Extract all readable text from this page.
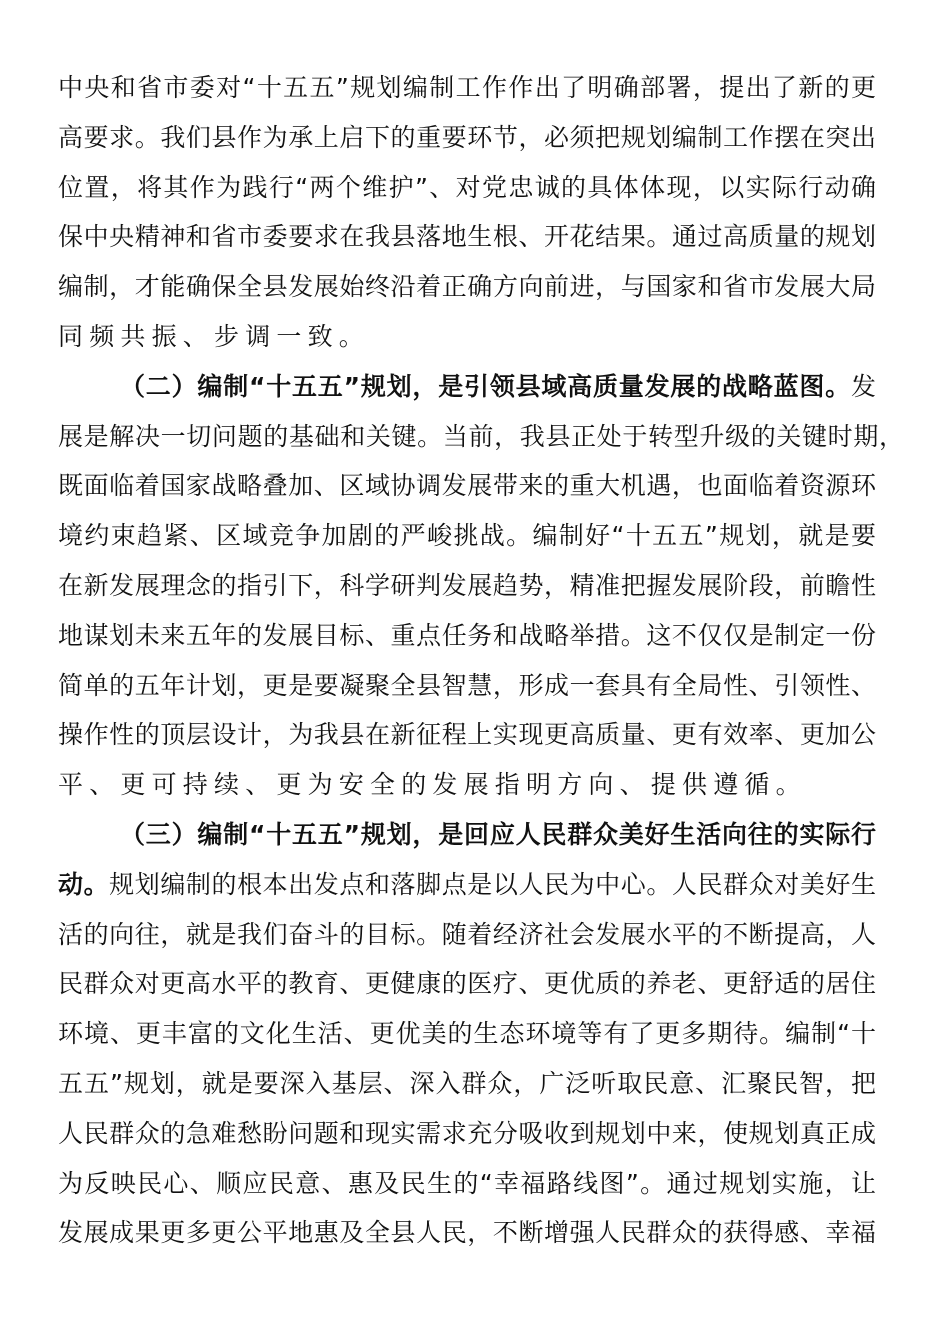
中央和省市委对“十五五”规划编制工作作出了明确部署，提出了新的更
高要求。我们县作为承上启下的重要环节，必须把规划编制工作摆在突出
位置，将其作为践行“两个维护”、对党忠诚的具体体现，以实际行动确
保中央精神和省市委要求在我县落地生根、开花结果。通过高质量的规划
编制，才能确保全县发展始终沿着正确方向前进，与国家和省市发展大局
同频共振、步调一致。
（二）编制“十五五”规划，是引领县域高质量发展的战略蓝图。发
展是解决一切问题的基础和关键。当前，我县正处于转型升级的关键时期，
既面临着国家战略叠加、区域协调发展带来的重大机遇，也面临着资源环
境约束趋紧、区域竞争加剧的严峻挑战。编制好“十五五”规划，就是要
在新发展理念的指引下，科学研判发展趋势，精准把握发展阶段，前瞻性
地谋划未来五年的发展目标、重点任务和战略举措。这不仅仅是制定一份
简单的五年计划，更是要凝聚全县智慧，形成一套具有全局性、引领性、
操作性的顶层设计，为我县在新征程上实现更高质量、更有效率、更加公
平、更可持续、更为安全的发展指明方向、提供遵循。
（三）编制“十五五”规划，是回应人民群众美好生活向往的实际行
动。规划编制的根本出发点和落脚点是以人民为中心。人民群众对美好生
活的向往，就是我们奋斗的目标。随着经济社会发展水平的不断提高，人
民群众对更高水平的教育、更健康的医疗、更优质的养老、更舒适的居住
环境、更丰富的文化生活、更优美的生态环境等有了更多期待。编制“十
五五”规划，就是要深入基层、深入群众，广泛听取民意、汇聚民智，把
人民群众的急难愁盼问题和现实需求充分吸收到规划中来，使规划真正成
为反映民心、顺应民意、惠及民生的“幸福路线图”。通过规划实施，让
发展成果更多更公平地惠及全县人民，不断增强人民群众的获得感、幸福
